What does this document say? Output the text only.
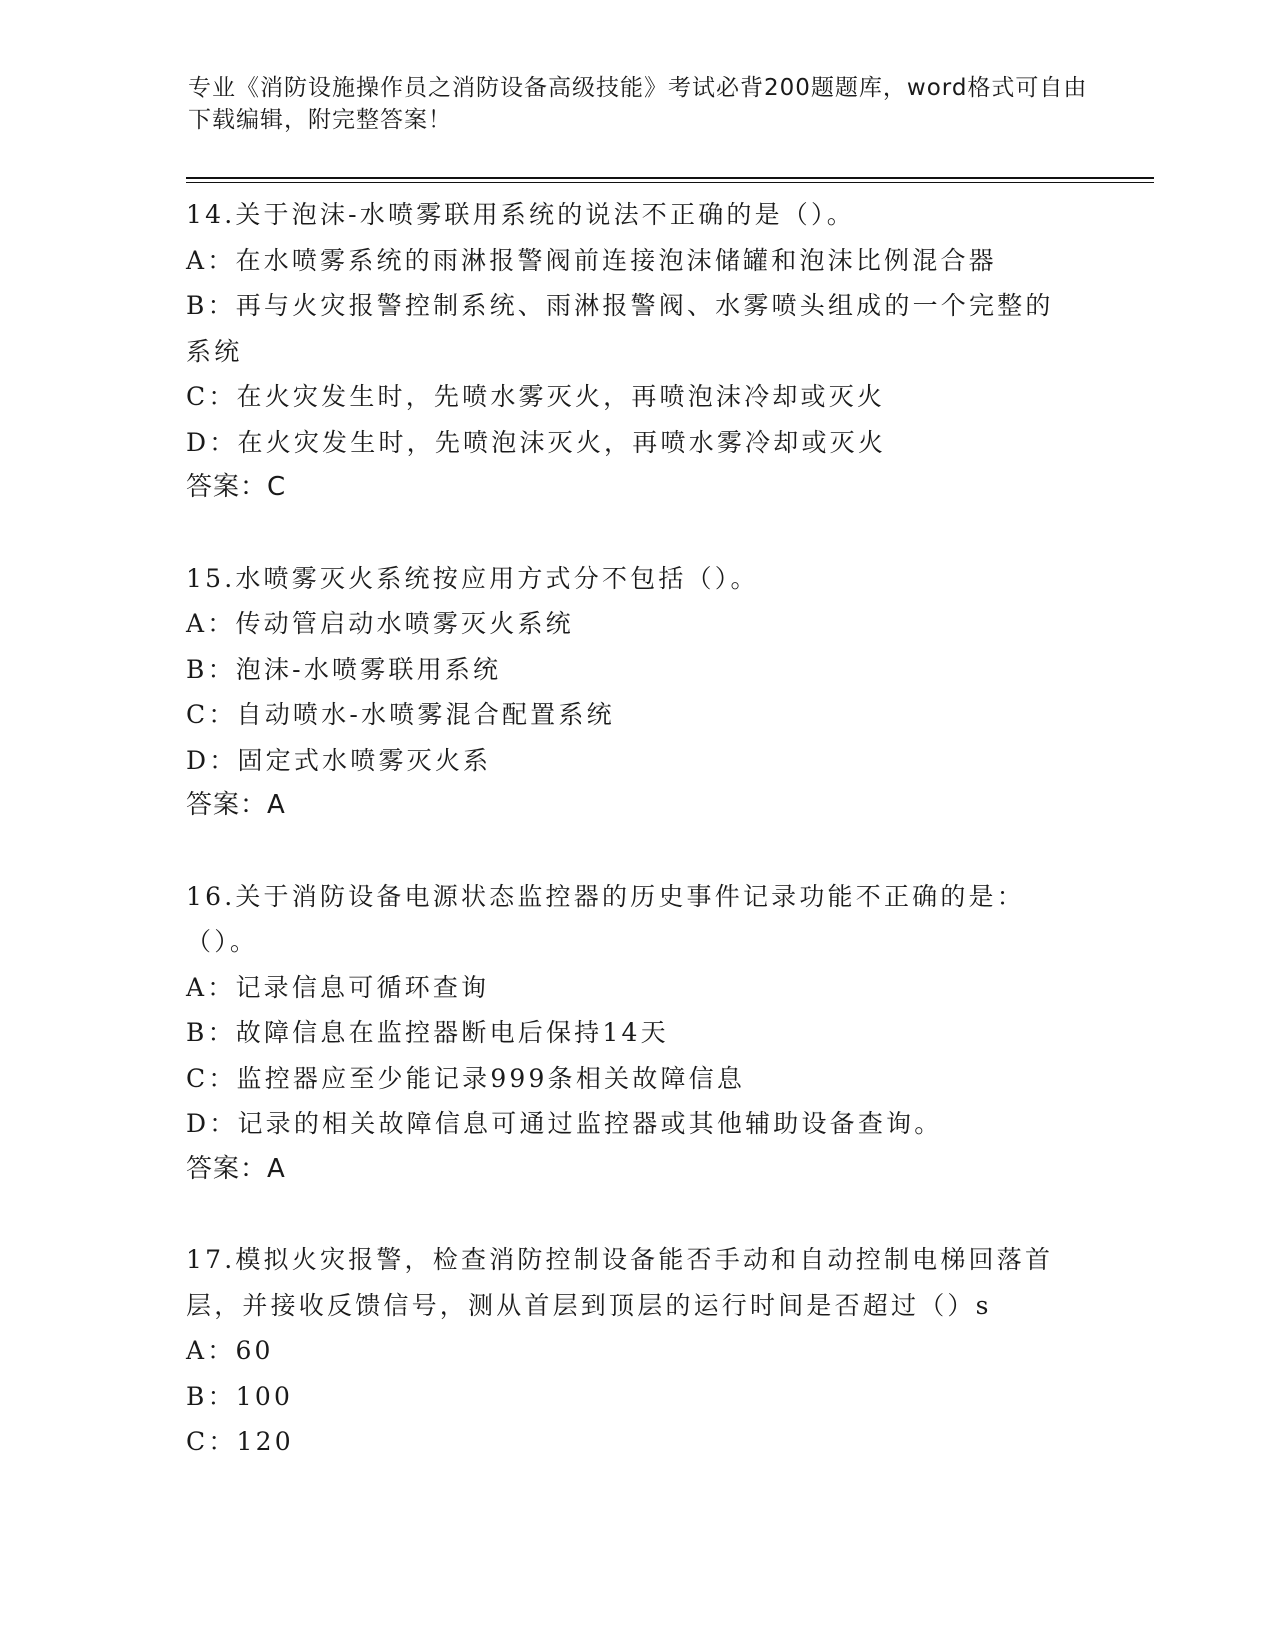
专业《消防设施操作员之消防设备高级技能》考试必背200题题库，word格式可自由下载编辑，附完整答案！
14.关于泡沫-水喷雾联用系统的说法不正确的是（）。
A：在水喷雾系统的雨淋报警阀前连接泡沫储罐和泡沫比例混合器
B：再与火灾报警控制系统、雨淋报警阀、水雾喷头组成的一个完整的系统
C：在火灾发生时，先喷水雾灭火，再喷泡沫冷却或灭火
D：在火灾发生时，先喷泡沫灭火，再喷水雾冷却或灭火
答案：C
15.水喷雾灭火系统按应用方式分不包括（）。
A：传动管启动水喷雾灭火系统
B：泡沫-水喷雾联用系统
C：自动喷水-水喷雾混合配置系统
D：固定式水喷雾灭火系
答案：A
16.关于消防设备电源状态监控器的历史事件记录功能不正确的是：（）。
A：记录信息可循环查询
B：故障信息在监控器断电后保持14天
C：监控器应至少能记录999条相关故障信息
D：记录的相关故障信息可通过监控器或其他辅助设备查询。
答案：A
17.模拟火灾报警，检查消防控制设备能否手动和自动控制电梯回落首层，并接收反馈信号，测从首层到顶层的运行时间是否超过（）s
A：60
B：100
C：120
